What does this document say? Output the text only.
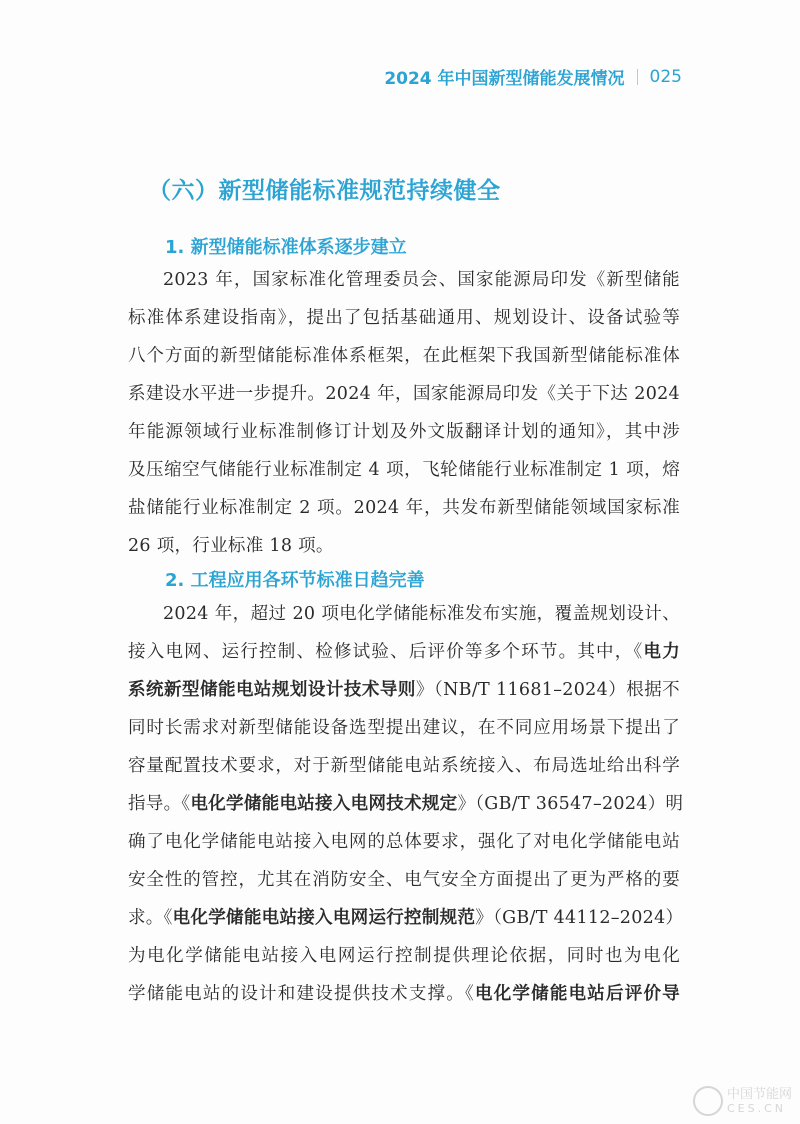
2024 年中国新型储能发展情况 025
（六）新型储能标准规范持续健全
1. 新型储能标准体系逐步建立
2023 年，国家标准化管理委员会、国家能源局印发《新型储能
标准体系建设指南》，提出了包括基础通用、规划设计、设备试验等
八个方面的新型储能标准体系框架，在此框架下我国新型储能标准体
系建设水平进一步提升。2024 年，国家能源局印发《关于下达 2024
年能源领域行业标准制修订计划及外文版翻译计划的通知》，其中涉
及压缩空气储能行业标准制定 4 项，飞轮储能行业标准制定 1 项，熔
盐储能行业标准制定 2 项。2024 年，共发布新型储能领域国家标准
26 项，行业标准 18 项。
2. 工程应用各环节标准日趋完善
2024 年，超过 20 项电化学储能标准发布实施，覆盖规划设计、
接入电网、运行控制、检修试验、后评价等多个环节。其中，《电力
系统新型储能电站规划设计技术导则》（NB/T 11681–2024）根据不
同时长需求对新型储能设备选型提出建议，在不同应用场景下提出了
容量配置技术要求，对于新型储能电站系统接入、布局选址给出科学
指导。《电化学储能电站接入电网技术规定》（GB/T 36547–2024）明
确了电化学储能电站接入电网的总体要求，强化了对电化学储能电站
安全性的管控，尤其在消防安全、电气安全方面提出了更为严格的要
求。《电化学储能电站接入电网运行控制规范》（GB/T 44112–2024）
为电化学储能电站接入电网运行控制提供理论依据，同时也为电化
学储能电站的设计和建设提供技术支撑。《电化学储能电站后评价导
中国节能网
CES.CN
